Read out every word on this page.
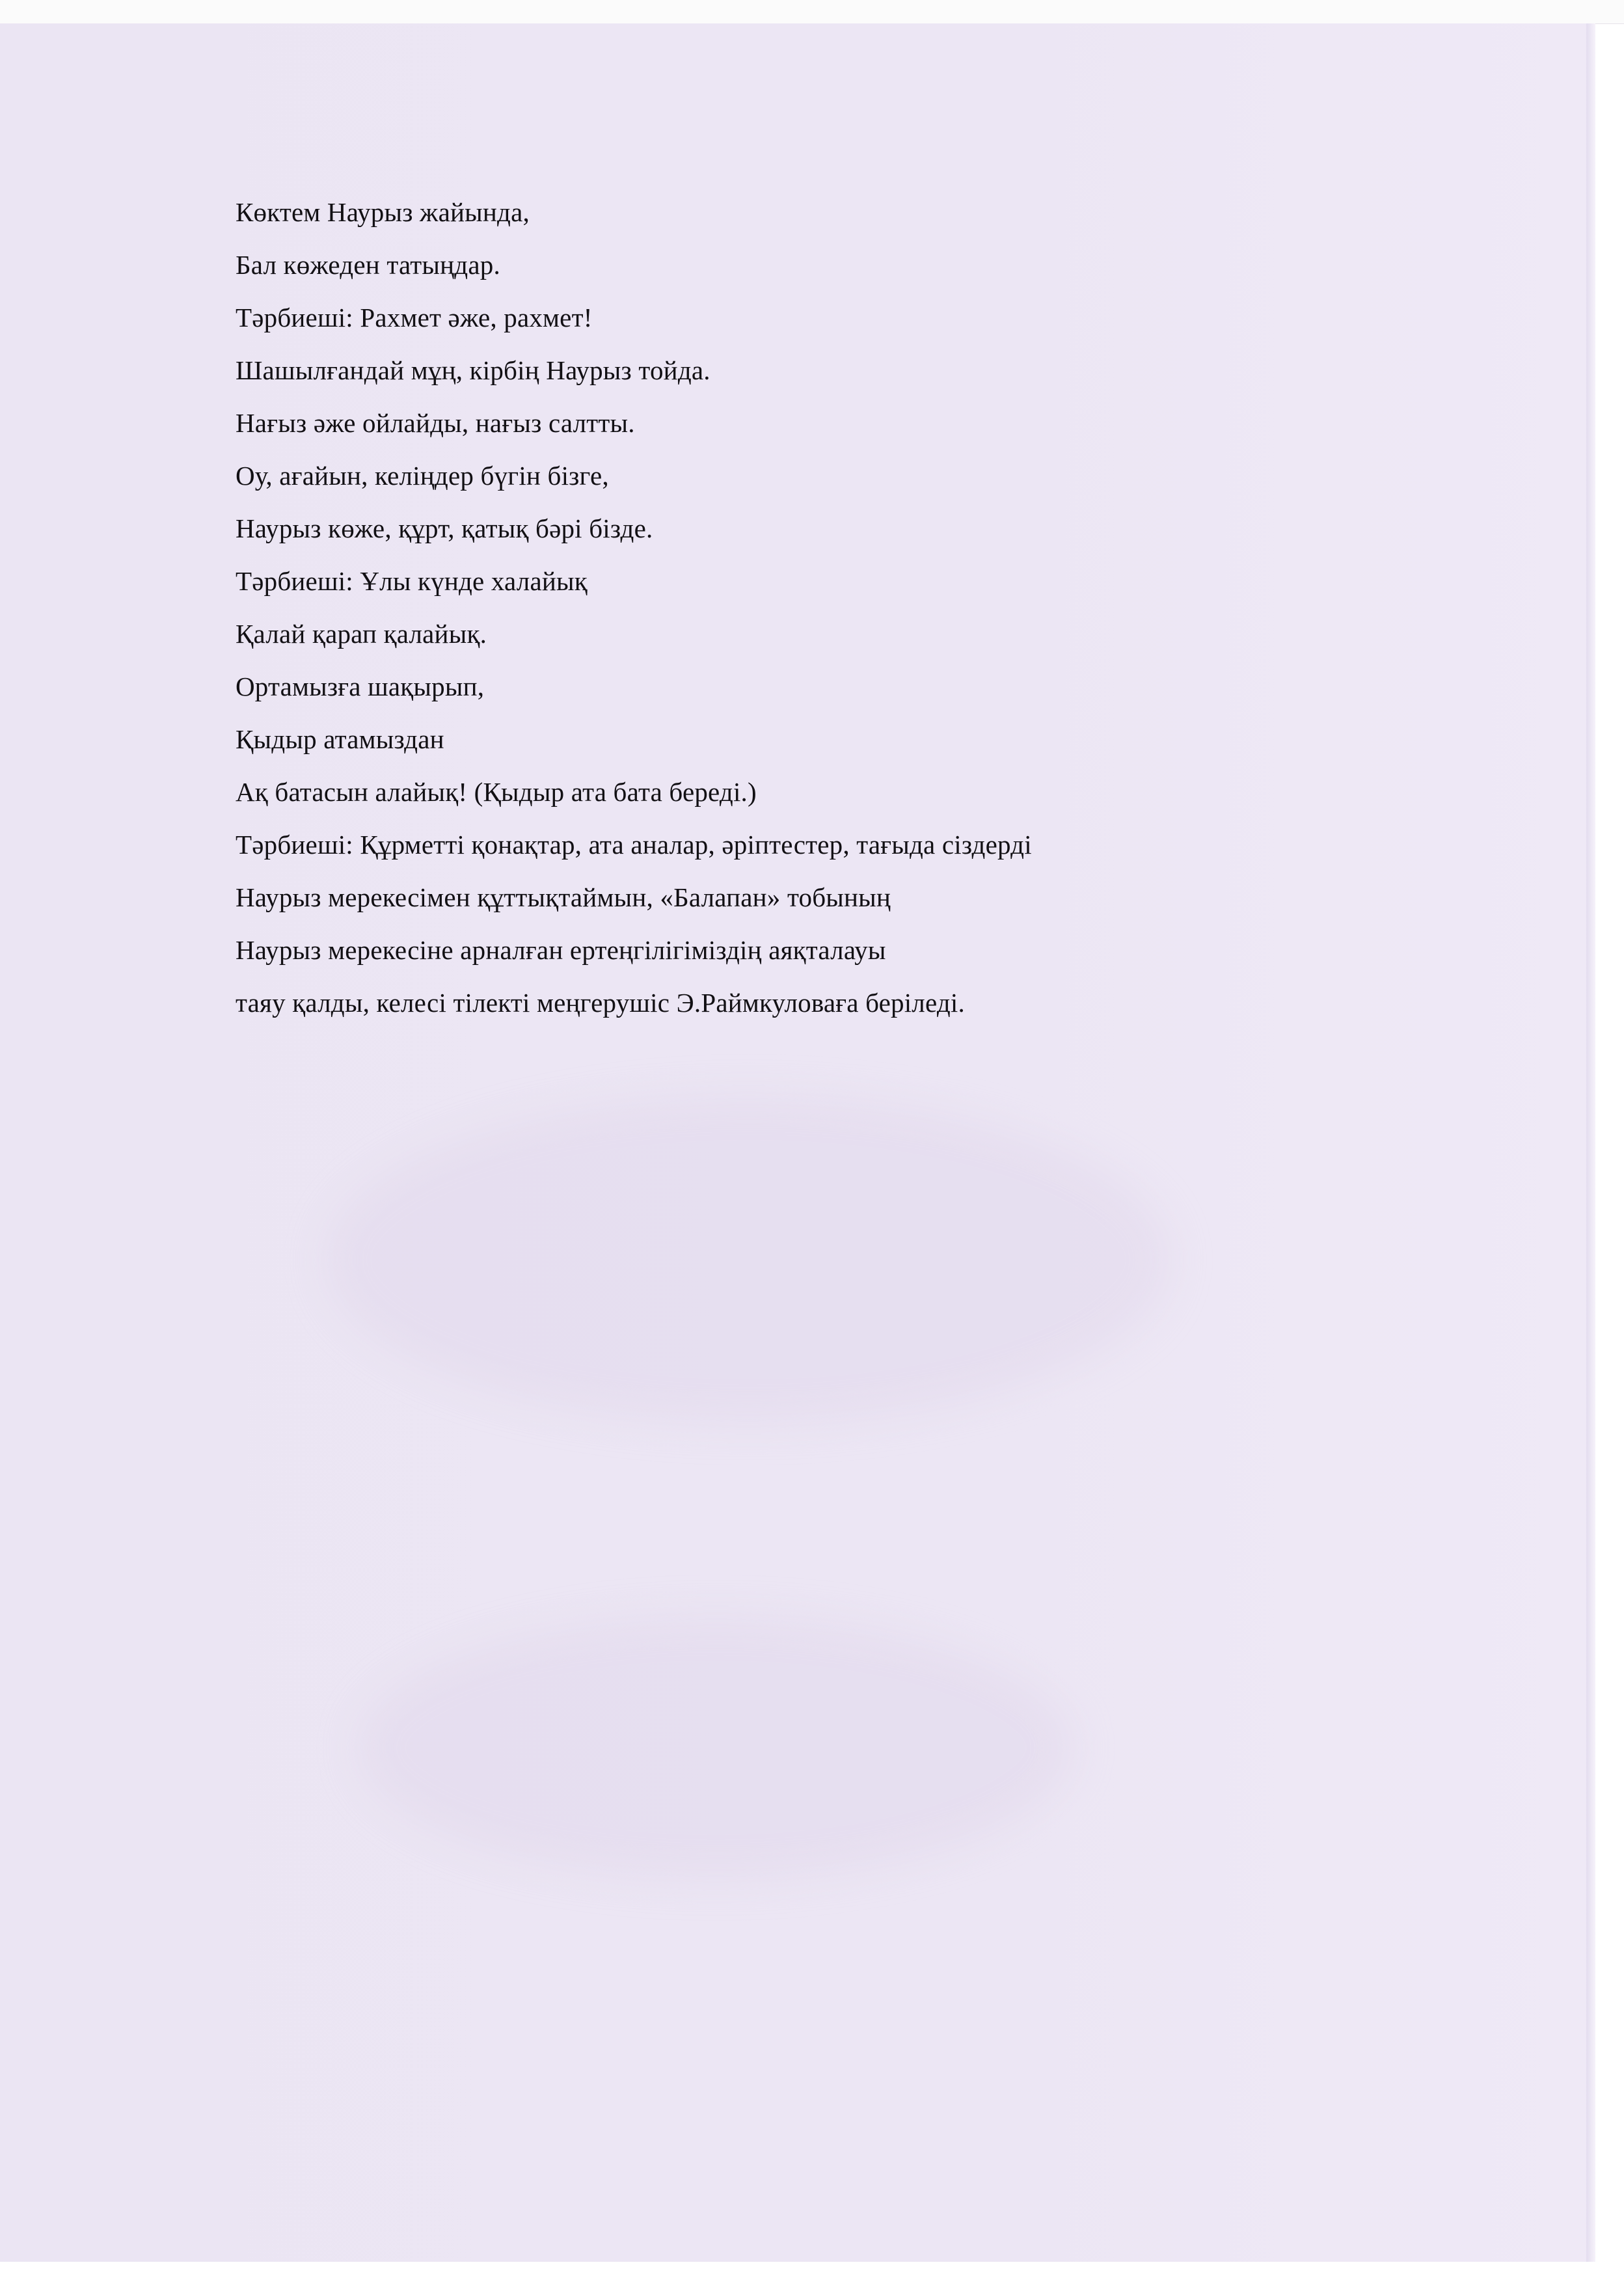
Көктем Наурыз жайында,
Бал көжеден татыңдар.
Тәрбиеші: Рахмет әже, рахмет!
Шашылғандай мұң, кірбің Наурыз тойда.
Нағыз әже ойлайды, нағыз салтты.
Оу, ағайын, келіңдер бүгін бізге,
Наурыз көже, құрт, қатық бәрі бізде.
Тәрбиеші: Ұлы күнде халайық
Қалай қарап қалайық.
Ортамызға шақырып,
Қыдыр атамыздан
Ақ батасын алайық! (Қыдыр ата бата береді.)
Тәрбиеші: Құрметті қонақтар, ата аналар, әріптестер, тағыда сіздерді
Наурыз мерекесімен құттықтаймын, «Балапан» тобының
Наурыз мерекесіне арналған ертеңгілігіміздің аяқталауы
таяу қалды, келесі тілекті меңгерушіс Э.Раймкуловаға беріледі.
